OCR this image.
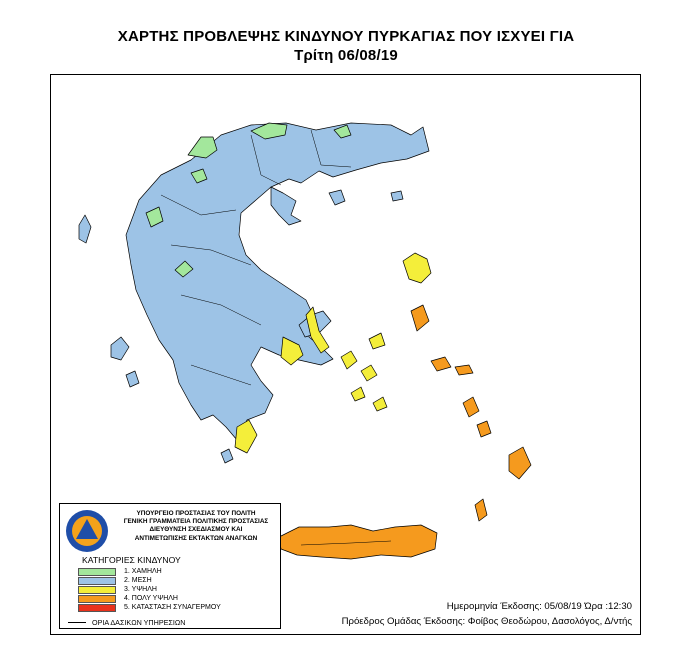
ΧΑΡΤΗΣ ΠΡΟΒΛΕΨΗΣ ΚΙΝΔΥΝΟΥ ΠΥΡΚΑΓΙΑΣ ΠΟΥ ΙΣΧΥΕΙ ΓΙΑ
Τρίτη 06/08/19
ΥΠΟΥΡΓΕΙΟ ΠΡΟΣΤΑΣΙΑΣ ΤΟΥ ΠΟΛΙΤΗ
ΓΕΝΙΚΗ ΓΡΑΜΜΑΤΕΙΑ ΠΟΛΙΤΙΚΗΣ ΠΡΟΣΤΑΣΙΑΣ
ΔΙΕΥΘΥΝΣΗ ΣΧΕΔΙΑΣΜΟΥ ΚΑΙ
ΑΝΤΙΜΕΤΩΠΙΣΗΣ ΕΚΤΑΚΤΩΝ ΑΝΑΓΚΩΝ
ΚΑΤΗΓΟΡΙΕΣ ΚΙΝΔΥΝΟΥ
1. ΧΑΜΗΛΗ
2. ΜΕΣΗ
3. ΥΨΗΛΗ
4. ΠΟΛΥ ΥΨΗΛΗ
5. ΚΑΤΑΣΤΑΣΗ ΣΥΝΑΓΕΡΜΟΥ
ΟΡΙΑ ΔΑΣΙΚΩΝ ΥΠΗΡΕΣΙΩΝ
Ημερομηνία Έκδοσης: 05/08/19 Ώρα :12:30
Πρόεδρος Ομάδας Έκδοσης: Φοίβος Θεοδώρου, Δασολόγος, Δ/ντής
